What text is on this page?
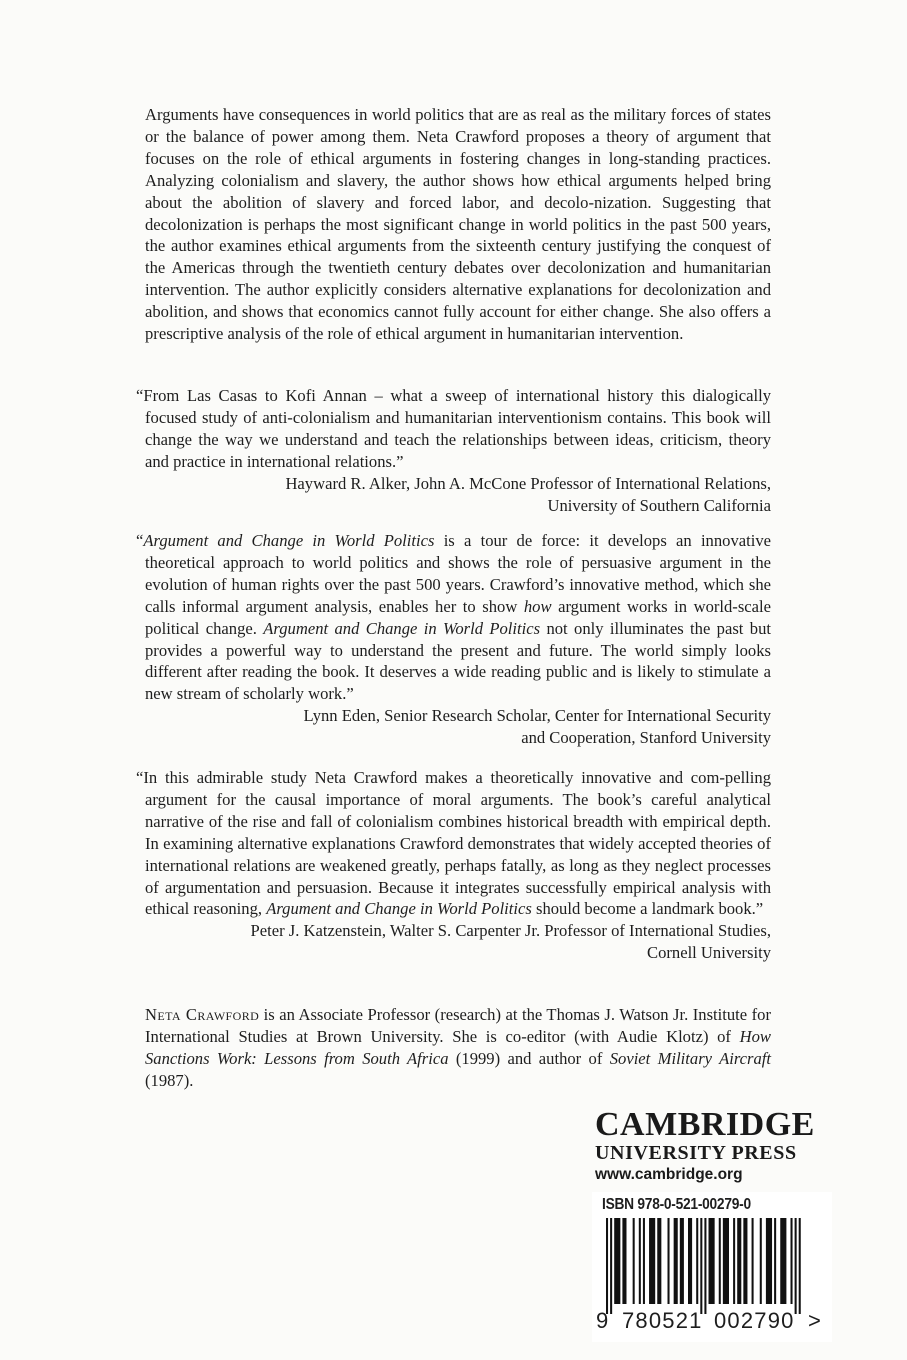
Arguments have consequences in world politics that are as real as the military forces of states or the balance of power among them. Neta Crawford proposes a theory of argument that focuses on the role of ethical arguments in fostering changes in long-standing practices. Analyzing colonialism and slavery, the author shows how ethical arguments helped bring about the abolition of slavery and forced labor, and decolo-nization. Suggesting that decolonization is perhaps the most significant change in world politics in the past 500 years, the author examines ethical arguments from the sixteenth century justifying the conquest of the Americas through the twentieth century debates over decolonization and humanitarian intervention. The author explicitly considers alternative explanations for decolonization and abolition, and shows that economics cannot fully account for either change. She also offers a prescriptive analysis of the role of ethical argument in humanitarian intervention.

“From Las Casas to Kofi Annan – what a sweep of international history this dialogically focused study of anti-colonialism and humanitarian interventionism contains. This book will change the way we understand and teach the relationships between ideas, criticism, theory and practice in international relations.”

Hayward R. Alker, John A. McCone Professor of International Relations,
University of Southern California

“Argument and Change in World Politics is a tour de force: it develops an innovative theoretical approach to world politics and shows the role of persuasive argument in the evolution of human rights over the past 500 years. Crawford’s innovative method, which she calls informal argument analysis, enables her to show how argument works in world-scale political change. Argument and Change in World Politics not only illuminates the past but provides a powerful way to understand the present and future. The world simply looks different after reading the book. It deserves a wide reading public and is likely to stimulate a new stream of scholarly work.”

Lynn Eden, Senior Research Scholar, Center for International Security
and Cooperation, Stanford University

“In this admirable study Neta Crawford makes a theoretically innovative and com-pelling argument for the causal importance of moral arguments. The book’s careful analytical narrative of the rise and fall of colonialism combines historical breadth with empirical depth. In examining alternative explanations Crawford demonstrates that widely accepted theories of international relations are weakened greatly, perhaps fatally, as long as they neglect processes of argumentation and persuasion. Because it integrates successfully empirical analysis with ethical reasoning, Argument and Change in World Politics should become a landmark book.”

Peter J. Katzenstein, Walter S. Carpenter Jr. Professor of International Studies,
Cornell University

Neta Crawford is an Associate Professor (research) at the Thomas J. Watson Jr. Institute for International Studies at Brown University. She is co-editor (with Audie Klotz) of How Sanctions Work: Lessons from South Africa (1999) and author of Soviet Military Aircraft (1987).

CAMBRIDGE

UNIVERSITY PRESS

www.cambridge.org

ISBN 978-0-521-00279-0
9 780521 002790 >
